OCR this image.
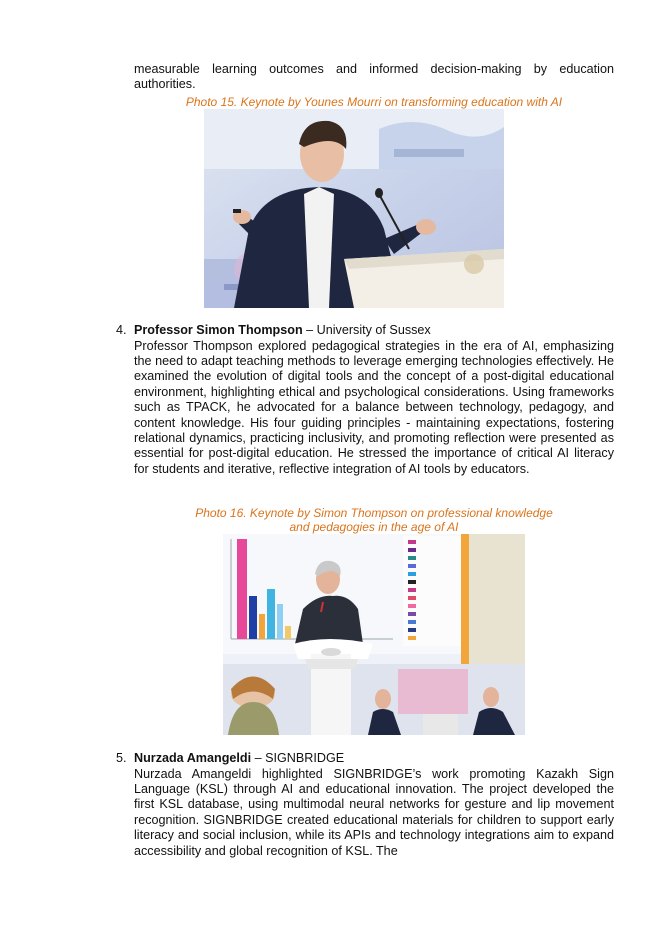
measurable learning outcomes and informed decision-making by education authorities.

Photo 15. Keynote by Younes Mourri on transforming education with AI

4. Professor Simon Thompson – University of Sussex

Professor Thompson explored pedagogical strategies in the era of AI, emphasizing the need to adapt teaching methods to leverage emerging technologies effectively. He examined the evolution of digital tools and the concept of a post-digital educational environment, highlighting ethical and psychological considerations. Using frameworks such as TPACK, he advocated for a balance between technology, pedagogy, and content knowledge. His four guiding principles - maintaining expectations, fostering relational dynamics, practicing inclusivity, and promoting reflection were presented as essential for post-digital education. He stressed the importance of critical AI literacy for students and iterative, reflective integration of AI tools by educators.

Photo 16. Keynote by Simon Thompson on professional knowledge

and pedagogies in the age of AI

5. Nurzada Amangeldi – SIGNBRIDGE

Nurzada Amangeldi highlighted SIGNBRIDGE’s work promoting Kazakh Sign Language (KSL) through AI and educational innovation. The project developed the first KSL database, using multimodal neural networks for gesture and lip movement recognition. SIGNBRIDGE created educational materials for children to support early literacy and social inclusion, while its APIs and technology integrations aim to expand accessibility and global recognition of KSL. The
